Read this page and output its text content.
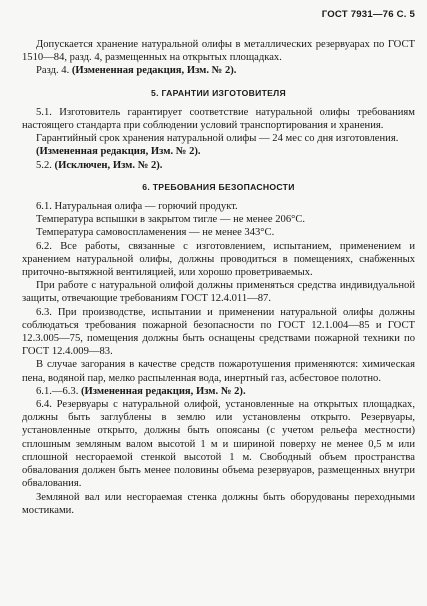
ГОСТ 7931—76 С. 5

Допускается хранение натуральной олифы в металлических резервуарах по ГОСТ 1510—84, разд. 4, размещенных на открытых площадках.

Разд. 4. (Измененная редакция, Изм. № 2).

5. ГАРАНТИИ ИЗГОТОВИТЕЛЯ

5.1. Изготовитель гарантирует соответствие натуральной олифы требованиям настоящего стандарта при соблюдении условий транспортирования и хранения.

Гарантийный срок хранения натуральной олифы — 24 мес со дня изготовления.

(Измененная редакция, Изм. № 2).

5.2. (Исключен, Изм. № 2).

6. ТРЕБОВАНИЯ БЕЗОПАСНОСТИ

6.1. Натуральная олифа — горючий продукт.

Температура вспышки в закрытом тигле — не менее 206°С.

Температура самовоспламенения — не менее 343°С.

6.2. Все работы, связанные с изготовлением, испытанием, применением и хранением натуральной олифы, должны проводиться в помещениях, снабженных приточно-вытяжной вентиляцией, или хорошо проветриваемых.

При работе с натуральной олифой должны применяться средства индивидуальной защиты, отвечающие требованиям ГОСТ 12.4.011—87.

6.3. При производстве, испытании и применении натуральной олифы должны соблюдаться требования пожарной безопасности по ГОСТ 12.1.004—85 и ГОСТ 12.3.005—75, помещения должны быть оснащены средствами пожарной техники по ГОСТ 12.4.009—83.

В случае загорания в качестве средств пожаротушения применяются: химическая пена, водяной пар, мелко распыленная вода, инертный газ, асбестовое полотно.

6.1.—6.3. (Измененная редакция, Изм. № 2).

6.4. Резервуары с натуральной олифой, установленные на открытых площадках, должны быть заглублены в землю или установлены открыто. Резервуары, установленные открыто, должны быть опоясаны (с учетом рельефа местности) сплошным земляным валом высотой 1 м и шириной поверху не менее 0,5 м или сплошной несгораемой стенкой высотой 1 м. Свободный объем пространства обвалования должен быть менее половины объема резервуаров, размещенных внутри обвалования.

Земляной вал или несгораемая стенка должны быть оборудованы переходными мостиками.
